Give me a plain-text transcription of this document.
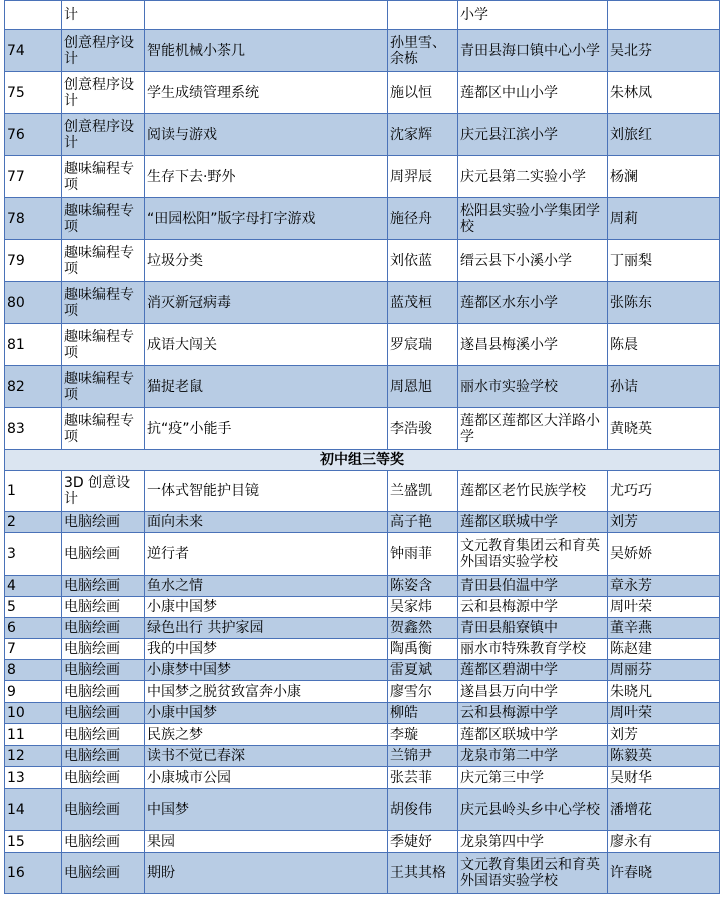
	计			小学	
74	创意程序设计	智能机械小茶几	孙里雪、余栋	青田县海口镇中心小学	吴北芬
75	创意程序设计	学生成绩管理系统	施以恒	莲都区中山小学	朱林凤
76	创意程序设计	阅读与游戏	沈家辉	庆元县江滨小学	刘旅红
77	趣味编程专项	生存下去·野外	周羿辰	庆元县第二实验小学	杨澜
78	趣味编程专项	“田园松阳”版字母打字游戏	施径舟	松阳县实验小学集团学校	周莉
79	趣味编程专项	垃圾分类	刘依蓝	缙云县下小溪小学	丁丽梨
80	趣味编程专项	消灭新冠病毒	蓝茂桓	莲都区水东小学	张陈东
81	趣味编程专项	成语大闯关	罗宸瑞	遂昌县梅溪小学	陈晨
82	趣味编程专项	猫捉老鼠	周恩旭	丽水市实验学校	孙诘
83	趣味编程专项	抗“疫”小能手	李浩骏	莲都区莲都区大洋路小学	黄晓英
初中组三等奖					
1	3D 创意设计	一体式智能护目镜	兰盛凯	莲都区老竹民族学校	尤巧巧
2	电脑绘画	面向未来	高子艳	莲都区联城中学	刘芳
3	电脑绘画	逆行者	钟雨菲	文元教育集团云和育英外国语实验学校	吴娇娇
4	电脑绘画	鱼水之情	陈姿含	青田县伯温中学	章永芳
5	电脑绘画	小康中国梦	吴家炜	云和县梅源中学	周叶荣
6	电脑绘画	绿色出行 共护家园	贺鑫然	青田县船寮镇中	董辛燕
7	电脑绘画	我的中国梦	陶禹衡	丽水市特殊教育学校	陈赵建
8	电脑绘画	小康梦中国梦	雷夏斌	莲都区碧湖中学	周丽芬
9	电脑绘画	中国梦之脱贫致富奔小康	廖雪尔	遂昌县万向中学	朱晓凡
10	电脑绘画	小康中国梦	柳皓	云和县梅源中学	周叶荣
11	电脑绘画	民族之梦	李璇	莲都区联城中学	刘芳
12	电脑绘画	读书不觉已春深	兰锦尹	龙泉市第二中学	陈毅英
13	电脑绘画	小康城市公园	张芸菲	庆元第三中学	吴财华
14	电脑绘画	中国梦	胡俊伟	庆元县岭头乡中心学校	潘增花
15	电脑绘画	果园	季婕妤	龙泉第四中学	廖永有
16	电脑绘画	期盼	王其其格	文元教育集团云和育英外国语实验学校	许春晓
